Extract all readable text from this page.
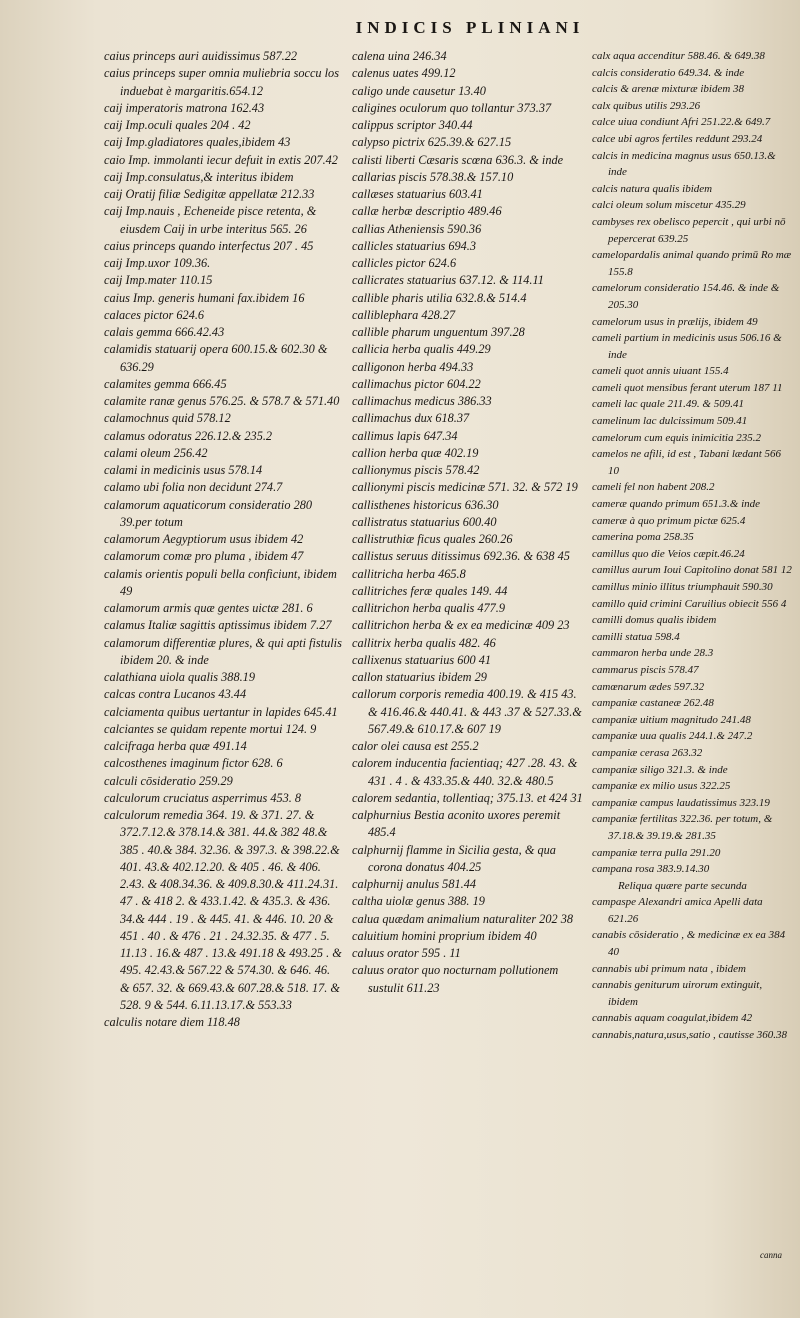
INDICIS PLINIANI
caius princeps auri auidissimus 587.22
caius princeps super omnia muliebria soccu los induebat è margaritis.654.12
caij imperatoris matrona 162.43
caij Imp.oculi quales 204 . 42
caij Imp.gladiatores quales,ibidem 43
caio Imp. immolanti iecur defuit in extis 207.42
caij Imp.consulatus,& interitus ibidem
caij Oratij filiæ Sedigitæ appellatæ 212.33
caij Imp.nauis , Echeneide pisce retenta, & eiusdem Caij in urbe interitus 565. 26
caius princeps quando interfectus 207 . 45
caij Imp.uxor 109.36.
caij Imp.mater 110.15
caius Imp. generis humani fax.ibidem 16
calaces pictor 624.6
calais gemma 666.42.43
calamidis statuarij opera 600.15.& 602.30 & 636.29
calamites gemma 666.45
calamite ranæ genus 576.25. & 578.7 & 571.40
calamochnus quid 578.12
calamus odoratus 226.12.& 235.2
calami oleum 256.42
calami in medicinis usus 578.14
calamo ubi folia non decidunt 274.7
calamorum aquaticorum consideratio 280 39.per totum
calamorum Aegyptiorum usus ibidem 42
calamorum comæ pro pluma , ibidem 47
calamis orientis populi bella conficiunt, ibidem 49
calamorum armis quæ gentes uictæ 281. 6
calamus Italiæ sagittis aptissimus ibidem 7.27
calamorum differentiæ plures, & qui apti fistulis ibidem 20. & inde
calathiana uiola qualis 388.19
calcas contra Lucanos 43.44
calciamenta quibus uertantur in lapides 645.41
calciantes se quidam repente mortui 124. 9
calcifraga herba quæ 491.14
calcosthenes imaginum fictor 628. 6
calculi cōsideratio 259.29
calculorum cruciatus asperrimus 453. 8
calculorum remedia 364. 19. & 371. 27. & 372.7.12.& 378.14.& 381. 44.& 382 48.& 385 . 40.& 384. 32.36. & 397.3. & 398.22.& 401. 43.& 402.12.20. & 405 . 46. & 406. 2.43. & 408.34.36. & 409.8.30.& 411.24.31. 47 . & 418 2. & 433.1.42. & 435.3. & 436. 34.& 444 . 19 . & 445. 41. & 446. 10. 20 & 451 . 40 . & 476 . 21 . 24.32.35. & 477 . 5. 11.13 . 16.& 487 . 13.& 491.18 & 493.25 . & 495. 42.43.& 567.22 & 574.30. & 646. 46. & 657. 32. & 669.43.& 607.28.& 518. 17. & 528. 9 & 544. 6.11.13.17.& 553.33
calculis notare diem 118.48
calena uina 246.34
calenus uates 499.12
caligo unde causetur 13.40
caligines oculorum quo tollantur 373.37
calippus scriptor 340.44
calypso pictrix 625.39.& 627.15
calisti liberti Cæsaris scœna 636.3. & inde
callarias piscis 578.38.& 157.10
callæses statuarius 603.41
callæ herbæ descriptio 489.46
callias Atheniensis 590.36
callicles statuarius 694.3
callicles pictor 624.6
callicrates statuarius 637.12. & 114.11
callible pharis utilia 632.8.& 514.4
calliblephara 428.27
callible pharum unguentum 397.28
callicia herba qualis 449.29
calligonon herba 494.33
callimachus pictor 604.22
callimachus medicus 386.33
callimachus dux 618.37
callimus lapis 647.34
callion herba quæ 402.19
callionymus piscis 578.42
callionymi piscis medicinæ 571. 32. & 572 19
callisthenes historicus 636.30
callistratus statuarius 600.40
callistruthiæ ficus quales 260.26
callistus seruus ditissimus 692.36. & 638 45
callitricha herba 465.8
callitriches feræ quales 149. 44
callitrichon herba qualis 477.9
callitrichon herba & ex ea medicinæ 409 23
callitrix herba qualis 482. 46
callixenus statuarius 600 41
callon statuarius ibidem 29
callorum corporis remedia 400.19. & 415 43. & 416.46.& 440.41. & 443 .37 & 527.33.& 567.49.& 610.17.& 607 19
calor olei causa est 255.2
calorem inducentia facientiaq; 427 .28. 43. & 431 . 4 . & 433.35.& 440. 32.& 480.5
calorem sedantia, tollentiaq; 375.13. et 424 31
calphurnius Bestia aconito uxores peremit 485.4
calphurnij flamme in Sicilia gesta, & qua corona donatus 404.25
calphurnij anulus 581.44
caltha uiolæ genus 388. 19
calua quædam animalium naturaliter 202 38
caluitium homini proprium ibidem 40
caluus orator 595 . 11
caluus orator quo nocturnam pollutionem sustulit 611.23
calx aqua accenditur 588.46. & 649.38
calcis consideratio 649.34. & inde
calcis & arenæ mixturæ ibidem 38
calx quibus utilis 293.26
calce uiua condiunt Afri 251.22.& 649.7
calce ubi agros fertiles reddunt 293.24
calcis in medicina magnus usus 650.13.& inde
calcis natura qualis ibidem
calci oleum solum miscetur 435.29
cambyses rex obelisco pepercit , qui urbi nō pepercerat 639.25
camelopardalis animal quando primū Ro mæ 155.8
camelorum consideratio 154.46. & inde & 205.30
camelorum usus in prælijs, ibidem 49
cameli partium in medicinis usus 506.16 & inde
cameli quot annis uiuant 155.4
cameli quot mensibus ferant uterum 187 11
cameli lac quale 211.49. & 509.41
camelinum lac dulcissimum 509.41
camelorum cum equis inimicitia 235.2
camelos ne afili, id est , Tabani lædant 566 10
cameli fel non habent 208.2
cameræ quando primum 651.3.& inde
cameræ à quo primum pictæ 625.4
camerina poma 258.35
camillus quo die Veios cæpit.46.24
camillus aurum Ioui Capitolino donat 581 12
camillus minio illitus triumphauit 590.30
camillo quid crimini Caruilius obiecit 556 4
camilli domus qualis ibidem
camilli statua 598.4
cammaron herba unde 28.3
cammarus piscis 578.47
camœnarum ædes 597.32
campaniæ castaneæ 262.48
campaniæ uitium magnitudo 241.48
campaniæ uua qualis 244.1.& 247.2
campaniæ cerasa 263.32
campaniæ siligo 321.3. & inde
campaniæ ex milio usus 322.25
campaniæ campus laudatissimus 323.19
campaniæ fertilitas 322.36. per totum, & 37.18.& 39.19.& 281.35
campaniæ terra pulla 291.20
campana rosa 383.9.14.30
Reliqua quære parte secunda
campaspe Alexandri amica Apelli data 621.26
canabis cōsideratio , & medicinæ ex ea 384 40
cannabis ubi primum nata , ibidem
cannabis geniturum uirorum extinguit, ibidem
cannabis aquam coagulat,ibidem 42
cannabis,natura,usus,satio , cautisse 360.38
canna
